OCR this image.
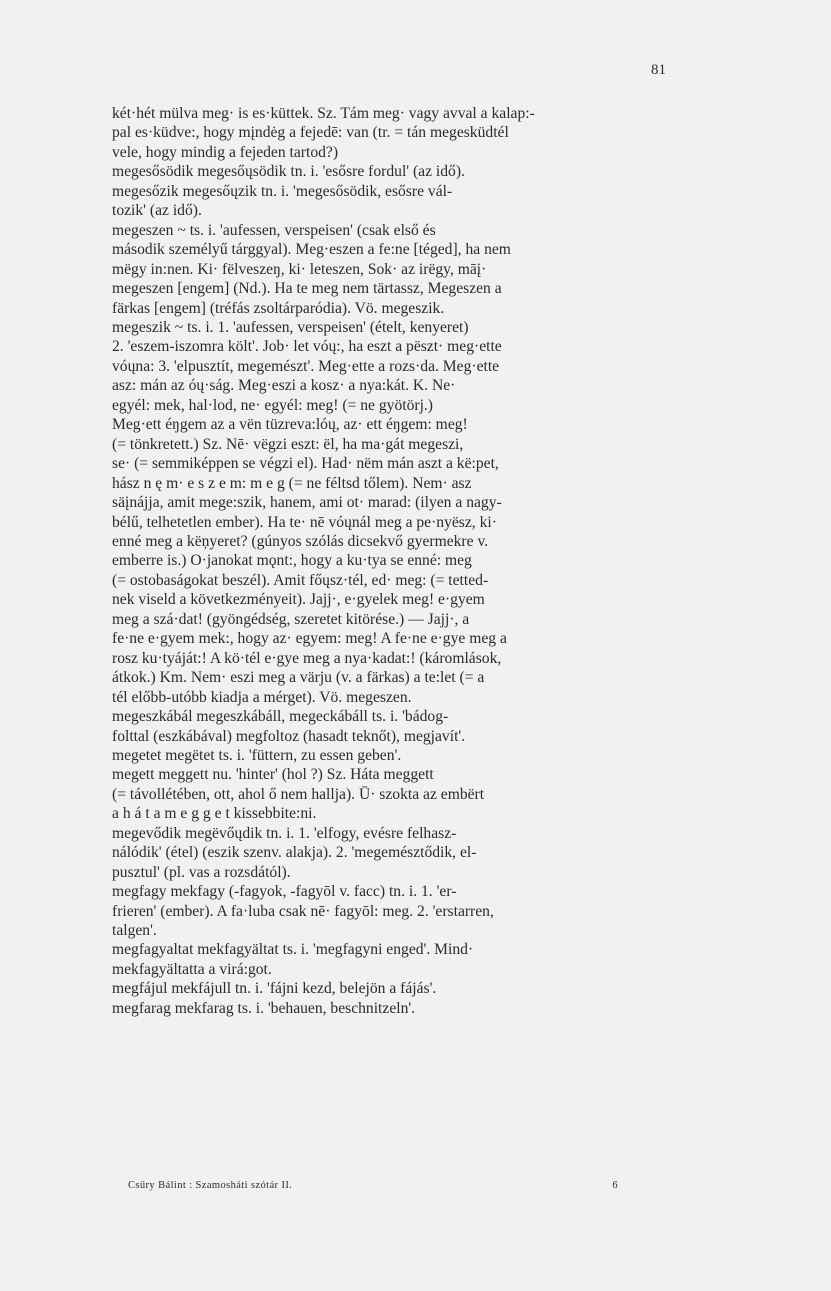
81
két·hét mülva meg· is es·küttek. Sz. Tám meg· vagy avval a kalap:-
pal es·küdve:, hogy mįndėg a fejedē: van (tr. = tán megesküdtél
vele, hogy mindig a fejeden tartod?)
megesősödik megesőųsödik tn. i. 'esősre fordul' (az idő).
megesőzik megesőųzik tn. i. 'megesősödik, esősre vál-
tozik' (az idő).
megeszen ~ ts. i. 'aufessen, verspeisen' (csak első és
második személyű tárggyal). Meg·eszen a fe:ne [téged], ha nem
mëgy in:nen. Ki· fëlveszeŋ, ki· leteszen, Sok· az irëgy, māį·
megeszen [engem] (Nd.). Ha te meg nem tärtassz, Megeszen a
färkas [engem] (tréfás zsoltárparódia). Vö. megeszik.
megeszik ~ ts. i. 1. 'aufessen, verspeisen' (ételt, kenyeret)
2. 'eszem-iszomra költ'. Job· let vóų:, ha eszt a pëszt· meg·ette
vóųna: 3. 'elpusztít, megemészt'. Meg·ette a rozs·da. Meg·ette
asz: mán az óų·ság. Meg·eszi a kosz· a nya:kát. K. Ne·
egyél: mek, hal·lod, ne· egyél: meg! (= ne gyötörj.)
Meg·ett éŋgem az a vën tüzreva:lóų, az· ett éŋgem: meg!
(= tönkretett.) Sz. Nē· vëgzi eszt: ël, ha ma·gát megeszi,
se· (= semmiképpen se végzi el). Had· nëm mán aszt a kë:pet,
hász n ę m· e s z e m: m e g (= ne féltsd tőlem). Nem· asz
säįnájja, amit mege:szik, hanem, ami ot· marad: (ilyen a nagy-
bélű, telhetetlen ember). Ha te· nē vóųnál meg a pe·nyësz, ki·
enné meg a këņyeret? (gúnyos szólás dicsekvő gyermekre v.
emberre is.) O·janokat mǫnt:, hogy a ku·tya se enné: meg
(= ostobaságokat beszél). Amit főųsz·tél, ed· meg: (= tetted-
nek viseld a következményeit). Jajj·, e·gyelek meg! e·gyem
meg a szá·dat! (gyöngédség, szeretet kitörése.) — Jajj·, a
fe·ne e·gyem mek:, hogy az· egyem: meg! A fe·ne e·gye meg a
rosz ku·tyáját:! A kö·tél e·gye meg a nya·kadat:! (káromlások,
átkok.) Km. Nem· eszi meg a värju (v. a färkas) a te:let (= a
tél előbb-utóbb kiadja a mérget). Vö. megeszen.
megeszkábál megeszkábáll, megeckábáll ts. i. 'bádog-
folttal (eszkábával) megfoltoz (hasadt teknőt), megjavít'.
megetet megëtet ts. i. 'füttern, zu essen geben'.
megett meggett nu. 'hinter' (hol ?) Sz. Háta meggett
(= távollétében, ott, ahol ő nem hallja). Ū· szokta az embërt
a h á t a m e g g e t kissebbite:ni.
megevődik megëvőųdik tn. i. 1. 'elfogy, evésre felhasz-
nálódik' (étel) (eszik szenv. alakja). 2. 'megemésztődik, el-
pusztul' (pl. vas a rozsdától).
megfagy mekfagy (-fagyok, -fagyōl v. facc) tn. i. 1. 'er-
frieren' (ember). A fa·luba csak nē· fagyōl: meg. 2. 'erstarren,
talgen'.
megfagyaltat mekfagyältat ts. i. 'megfagyni enged'. Mind·
mekfagyältatta a virá:got.
megfájul mekfájull tn. i. 'fájni kezd, belejön a fájás'.
megfarag mekfarag ts. i. 'behauen, beschnitzeln'.
Csűry Bálint : Szamosháti szótár II.	6
